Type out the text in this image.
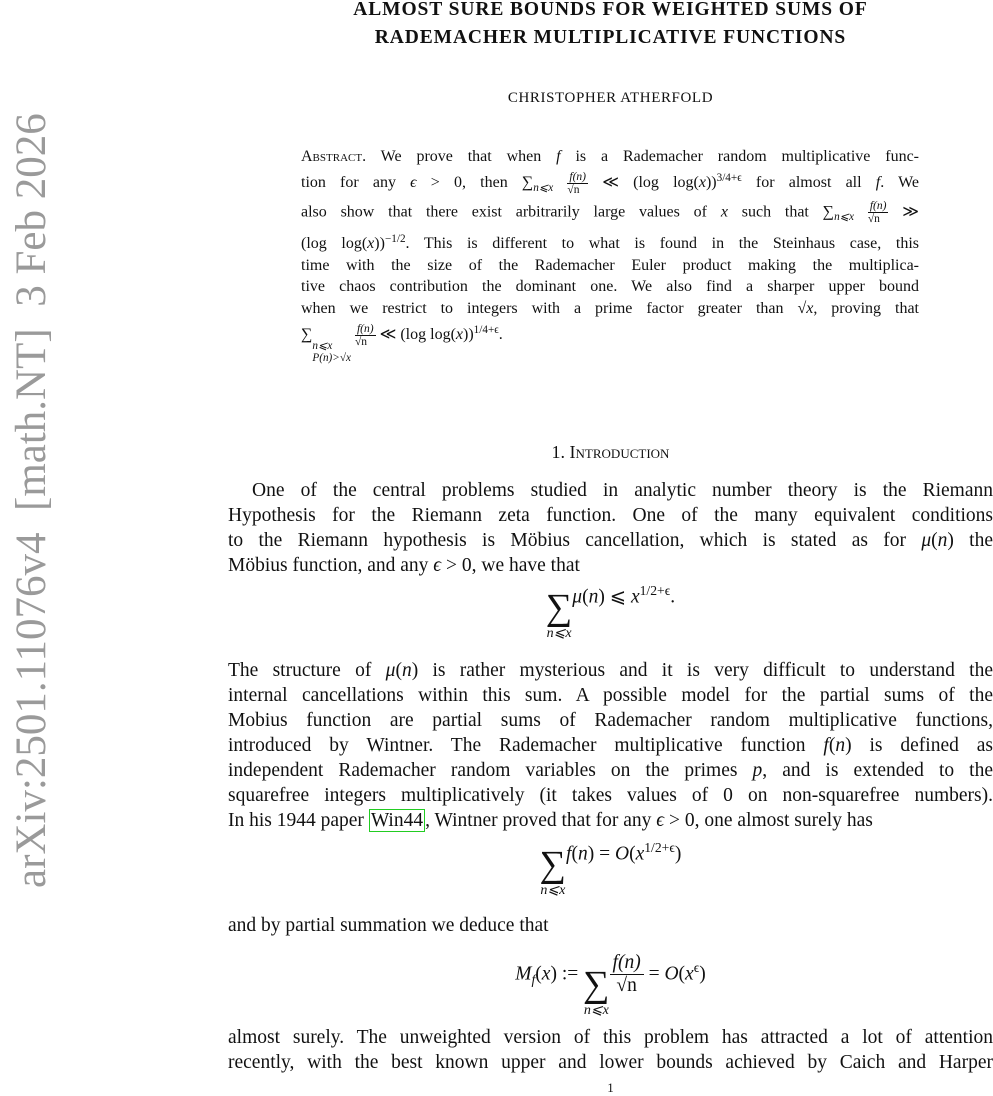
arXiv:2501.11076v4  [math.NT]  3 Feb 2026
ALMOST SURE BOUNDS FOR WEIGHTED SUMS OF
RADEMACHER MULTIPLICATIVE FUNCTIONS
CHRISTOPHER ATHERFOLD
Abstract. We prove that when f is a Rademacher random multiplicative func-
tion for any ϵ > 0, then $\sum_{n⩽x} \frac{f(n)}{√n}$ ≪ (log log(x))$^{3/4+\epsilon}$ for almost all f. We
also show that there exist arbitrarily large values of x such that $\sum_{n⩽x} \frac{f(n)}{√n}$ ≫
(log log(x))$^{-1/2}$. This is different to what is found in the Steinhaus case, this
time with the size of the Rademacher Euler product making the multiplica-
tive chaos contribution the dominant one. We also find a sharper upper bound
when we restrict to integers with a prime factor greater than √x, proving that
∑
n⩽x
P(n)>√x

$\frac{f(n)}{√n}$ ≪ (log log(x))$^{1/4+\epsilon}$.
1. Introduction
One of the central problems studied in analytic number theory is the Riemann
Hypothesis for the Riemann zeta function. One of the many equivalent conditions
to the Riemann hypothesis is Möbius cancellation, which is stated as for μ(n) the
Möbius function, and any ϵ > 0, we have that
∑
n⩽x
μ(n) ⩽ $x^{1/2+\epsilon}$.
The structure of μ(n) is rather mysterious and it is very difficult to understand the
internal cancellations within this sum. A possible model for the partial sums of the
Mobius function are partial sums of Rademacher random multiplicative functions,
introduced by Wintner. The Rademacher multiplicative function f(n) is defined as
independent Rademacher random variables on the primes p, and is extended to the
squarefree integers multiplicatively (it takes values of 0 on non-squarefree numbers).
In his 1944 paper Win44 , Wintner proved that for any ϵ > 0, one almost surely has
∑
n⩽x
$f(n) = O(x^{1/2+\epsilon})$
and by partial summation we deduce that
$M_f(x)$ := ∑
n⩽x
$\frac{f(n)}{√n} = O(x^\epsilon)$
almost surely. The unweighted version of this problem has attracted a lot of attention
recently, with the best known upper and lower bounds achieved by Caich and Harper
1
